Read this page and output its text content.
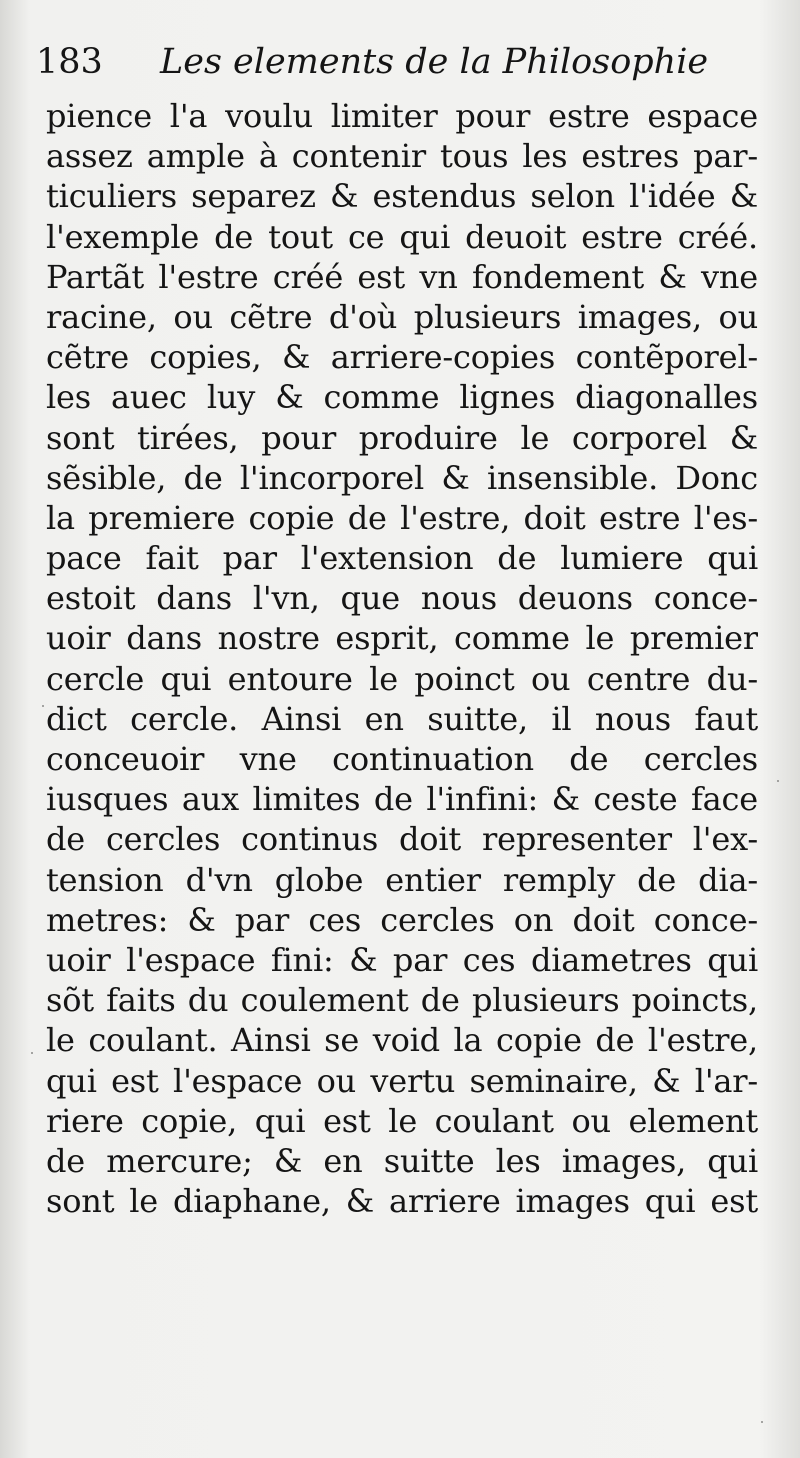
183 Les elements de la Philosophie
pience l'a voulu limiter pour estre espace
assez ample à contenir tous les estres par-
ticuliers separez & estendus selon l'idée &
l'exemple de tout ce qui deuoit estre créé.
Partãt l'estre créé est vn fondement & vne
racine, ou cẽtre d'où plusieurs images, ou
cẽtre copies, & arriere-copies contẽporel-
les auec luy & comme lignes diagonalles
sont tirées, pour produire le corporel &
sẽsible, de l'incorporel & insensible. Donc
la premiere copie de l'estre, doit estre l'es-
pace fait par l'extension de lumiere qui
estoit dans l'vn, que nous deuons conce-
uoir dans nostre esprit, comme le premier
cercle qui entoure le poinct ou centre du-
dict cercle. Ainsi en suitte, il nous faut
conceuoir vne continuation de cercles
iusques aux limites de l'infini: & ceste face
de cercles continus doit representer l'ex-
tension d'vn globe entier remply de dia-
metres: & par ces cercles on doit conce-
uoir l'espace fini: & par ces diametres qui
sõt faits du coulement de plusieurs poincts,
le coulant. Ainsi se void la copie de l'estre,
qui est l'espace ou vertu seminaire, & l'ar-
riere copie, qui est le coulant ou element
de mercure; & en suitte les images, qui
sont le diaphane, & arriere images qui est
